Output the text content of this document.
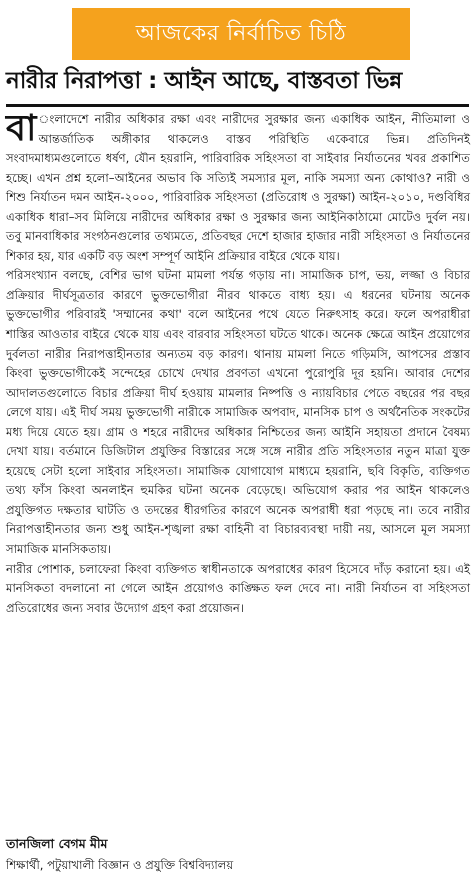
আজকের নির্বাচিত চিঠি
নারীর নিরাপত্তা : আইন আছে, বাস্তবতা ভিন্ন

বা ংলাদেশে নারীর অধিকার রক্ষা এবং নারীদের সুরক্ষার জন্য একাধিক আইন, নীতিমালা ও আন্তর্জাতিক অঙ্গীকার থাকলেও বাস্তব পরিস্থিতি একেবারে ভিন্ন। প্রতিদিনই সংবাদমাধ্যমগুলোতে ধর্ষণ, যৌন হয়রানি, পারিবারিক সহিংসতা বা সাইবার নির্যাতনের খবর প্রকাশিত হচ্ছে। এখন প্রশ্ন হলো–আইনের অভাব কি সত্যিই সমস্যার মূল, নাকি সমস্যা অন্য কোথাও? নারী ও শিশু নির্যাতন দমন আইন-২০০০, পারিবারিক সহিংসতা (প্রতিরোধ ও সুরক্ষা) আইন-২০১০, দণ্ডবিধির একাধিক ধারা–সব মিলিয়ে নারীদের অধিকার রক্ষা ও সুরক্ষার জন্য আইনিকাঠামো মোটেও দুর্বল নয়। তবু মানবাধিকার সংগঠনগুলোর তথ্যমতে, প্রতিবছর দেশে হাজার হাজার নারী সহিংসতা ও নির্যাতনের শিকার হয়, যার একটি বড় অংশ সম্পূর্ণ আইনি প্রক্রিয়ার বাইরে থেকে যায়।

পরিসংখ্যান বলছে, বেশির ভাগ ঘটনা মামলা পর্যন্ত গড়ায় না। সামাজিক চাপ, ভয়, লজ্জা ও বিচার প্রক্রিয়ার দীর্ঘসূত্রতার কারণে ভুক্তভোগীরা নীরব থাকতে বাধ্য হয়। এ ধরনের ঘটনায় অনেক ভুক্তভোগীর পরিবারই 'সম্মানের কথা' বলে আইনের পথে যেতে নিরুৎসাহ করে। ফলে অপরাধীরা শাস্তির আওতার বাইরে থেকে যায় এবং বারবার সহিংসতা ঘটতে থাকে। অনেক ক্ষেত্রে আইন প্রয়োগের দুর্বলতা নারীর নিরাপত্তাহীনতার অন্যতম বড় কারণ। থানায় মামলা নিতে গড়িমসি, আপসের প্রস্তাব কিংবা ভুক্তভোগীকেই সন্দেহের চোখে দেখার প্রবণতা এখনো পুরোপুরি দূর হয়নি। আবার দেশের আদালতগুলোতে বিচার প্রক্রিয়া দীর্ঘ হওয়ায় মামলার নিষ্পত্তি ও ন্যায়বিচার পেতে বছরের পর বছর লেগে যায়। এই দীর্ঘ সময় ভুক্তভোগী নারীকে সামাজিক অপবাদ, মানসিক চাপ ও অর্থনৈতিক সংকটের মধ্য দিয়ে যেতে হয়। গ্রাম ও শহরে নারীদের অধিকার নিশ্চিতের জন্য আইনি সহায়তা প্রদানে বৈষম্য দেখা যায়। বর্তমানে ডিজিটাল প্রযুক্তির বিস্তারের সঙ্গে সঙ্গে নারীর প্রতি সহিংসতার নতুন মাত্রা যুক্ত হয়েছে সেটা হলো সাইবার সহিংসতা। সামাজিক যোগাযোগ মাধ্যমে হয়রানি, ছবি বিকৃতি, ব্যক্তিগত তথ্য ফাঁস কিংবা অনলাইন হুমকির ঘটনা অনেক বেড়েছে। অভিযোগ করার পর আইন থাকলেও প্রযুক্তিগত দক্ষতার ঘাটতি ও তদন্তের ধীরগতির কারণে অনেক অপরাধী ধরা পড়ছে না। তবে নারীর নিরাপত্তাহীনতার জন্য শুধু আইন-শৃঙ্খলা রক্ষা বাহিনী বা বিচারব্যবস্থা দায়ী নয়, আসলে মূল সমস্যা সামাজিক মানসিকতায়।

নারীর পোশাক, চলাফেরা কিংবা ব্যক্তিগত স্বাধীনতাকে অপরাধের কারণ হিসেবে দাঁড় করানো হয়। এই মানসিকতা বদলানো না গেলে আইন প্রয়োগও কাঙ্ক্ষিত ফল দেবে না। নারী নির্যাতন বা সহিংসতা প্রতিরোধের জন্য সবার উদ্যোগ গ্রহণ করা প্রয়োজন।

তানজিলা বেগম মীম
শিক্ষার্থী, পটুয়াখালী বিজ্ঞান ও প্রযুক্তি বিশ্ববিদ্যালয়
